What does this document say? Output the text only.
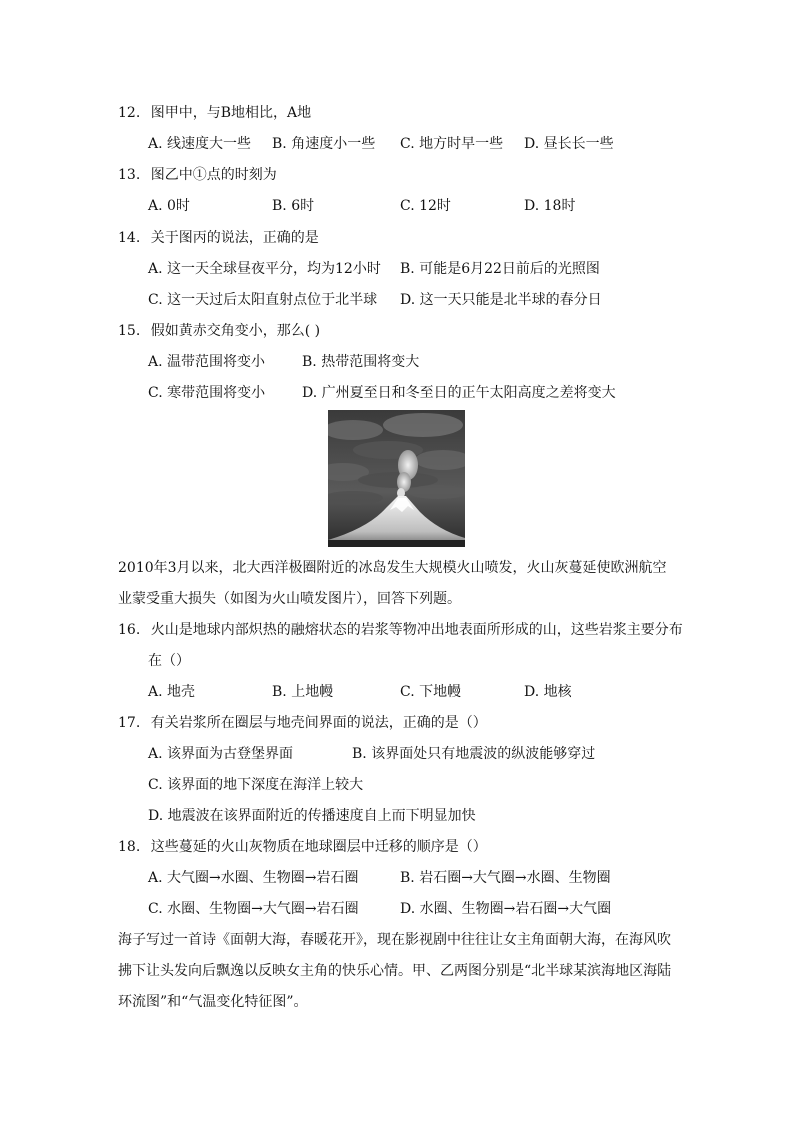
12. 图甲中，与B地相比，A地
A. 线速度大一些 B. 角速度小一些 C. 地方时早一些 D. 昼长长一些
13. 图乙中①点的时刻为
A. 0时	B. 6时	C. 12时	D. 18时
14. 关于图丙的说法，正确的是
A. 这一天全球昼夜平分，均为12小时 B. 可能是6月22日前后的光照图
C. 这一天过后太阳直射点位于北半球 D. 这一天只能是北半球的春分日
15. 假如黄赤交角变小，那么( )
A. 温带范围将变小	B. 热带范围将变大
C. 寒带范围将变小	D. 广州夏至日和冬至日的正午太阳高度之差将变大
2010年3月以来，北大西洋极圈附近的冰岛发生大规模火山喷发，火山灰蔓延使欧洲航空
业蒙受重大损失（如图为火山喷发图片），回答下列题。
16. 火山是地球内部炽热的融熔状态的岩浆等物冲出地表面所形成的山，这些岩浆主要分布
在（）
A. 地壳	B. 上地幔	C. 下地幔	D. 地核
17. 有关岩浆所在圈层与地壳间界面的说法，正确的是（）
A. 该界面为古登堡界面	B. 该界面处只有地震波的纵波能够穿过
C. 该界面的地下深度在海洋上较大
D. 地震波在该界面附近的传播速度自上而下明显加快
18. 这些蔓延的火山灰物质在地球圈层中迁移的顺序是（）
A. 大气圈→水圈、生物圈→岩石圈	B. 岩石圈→大气圈→水圈、生物圈
C. 水圈、生物圈→大气圈→岩石圈	D. 水圈、生物圈→岩石圈→大气圈
海子写过一首诗《面朝大海，春暖花开》，现在影视剧中往往让女主角面朝大海，在海风吹
拂下让头发向后飘逸以反映女主角的快乐心情。甲、乙两图分别是“北半球某滨海地区海陆
环流图”和“气温变化特征图”。
